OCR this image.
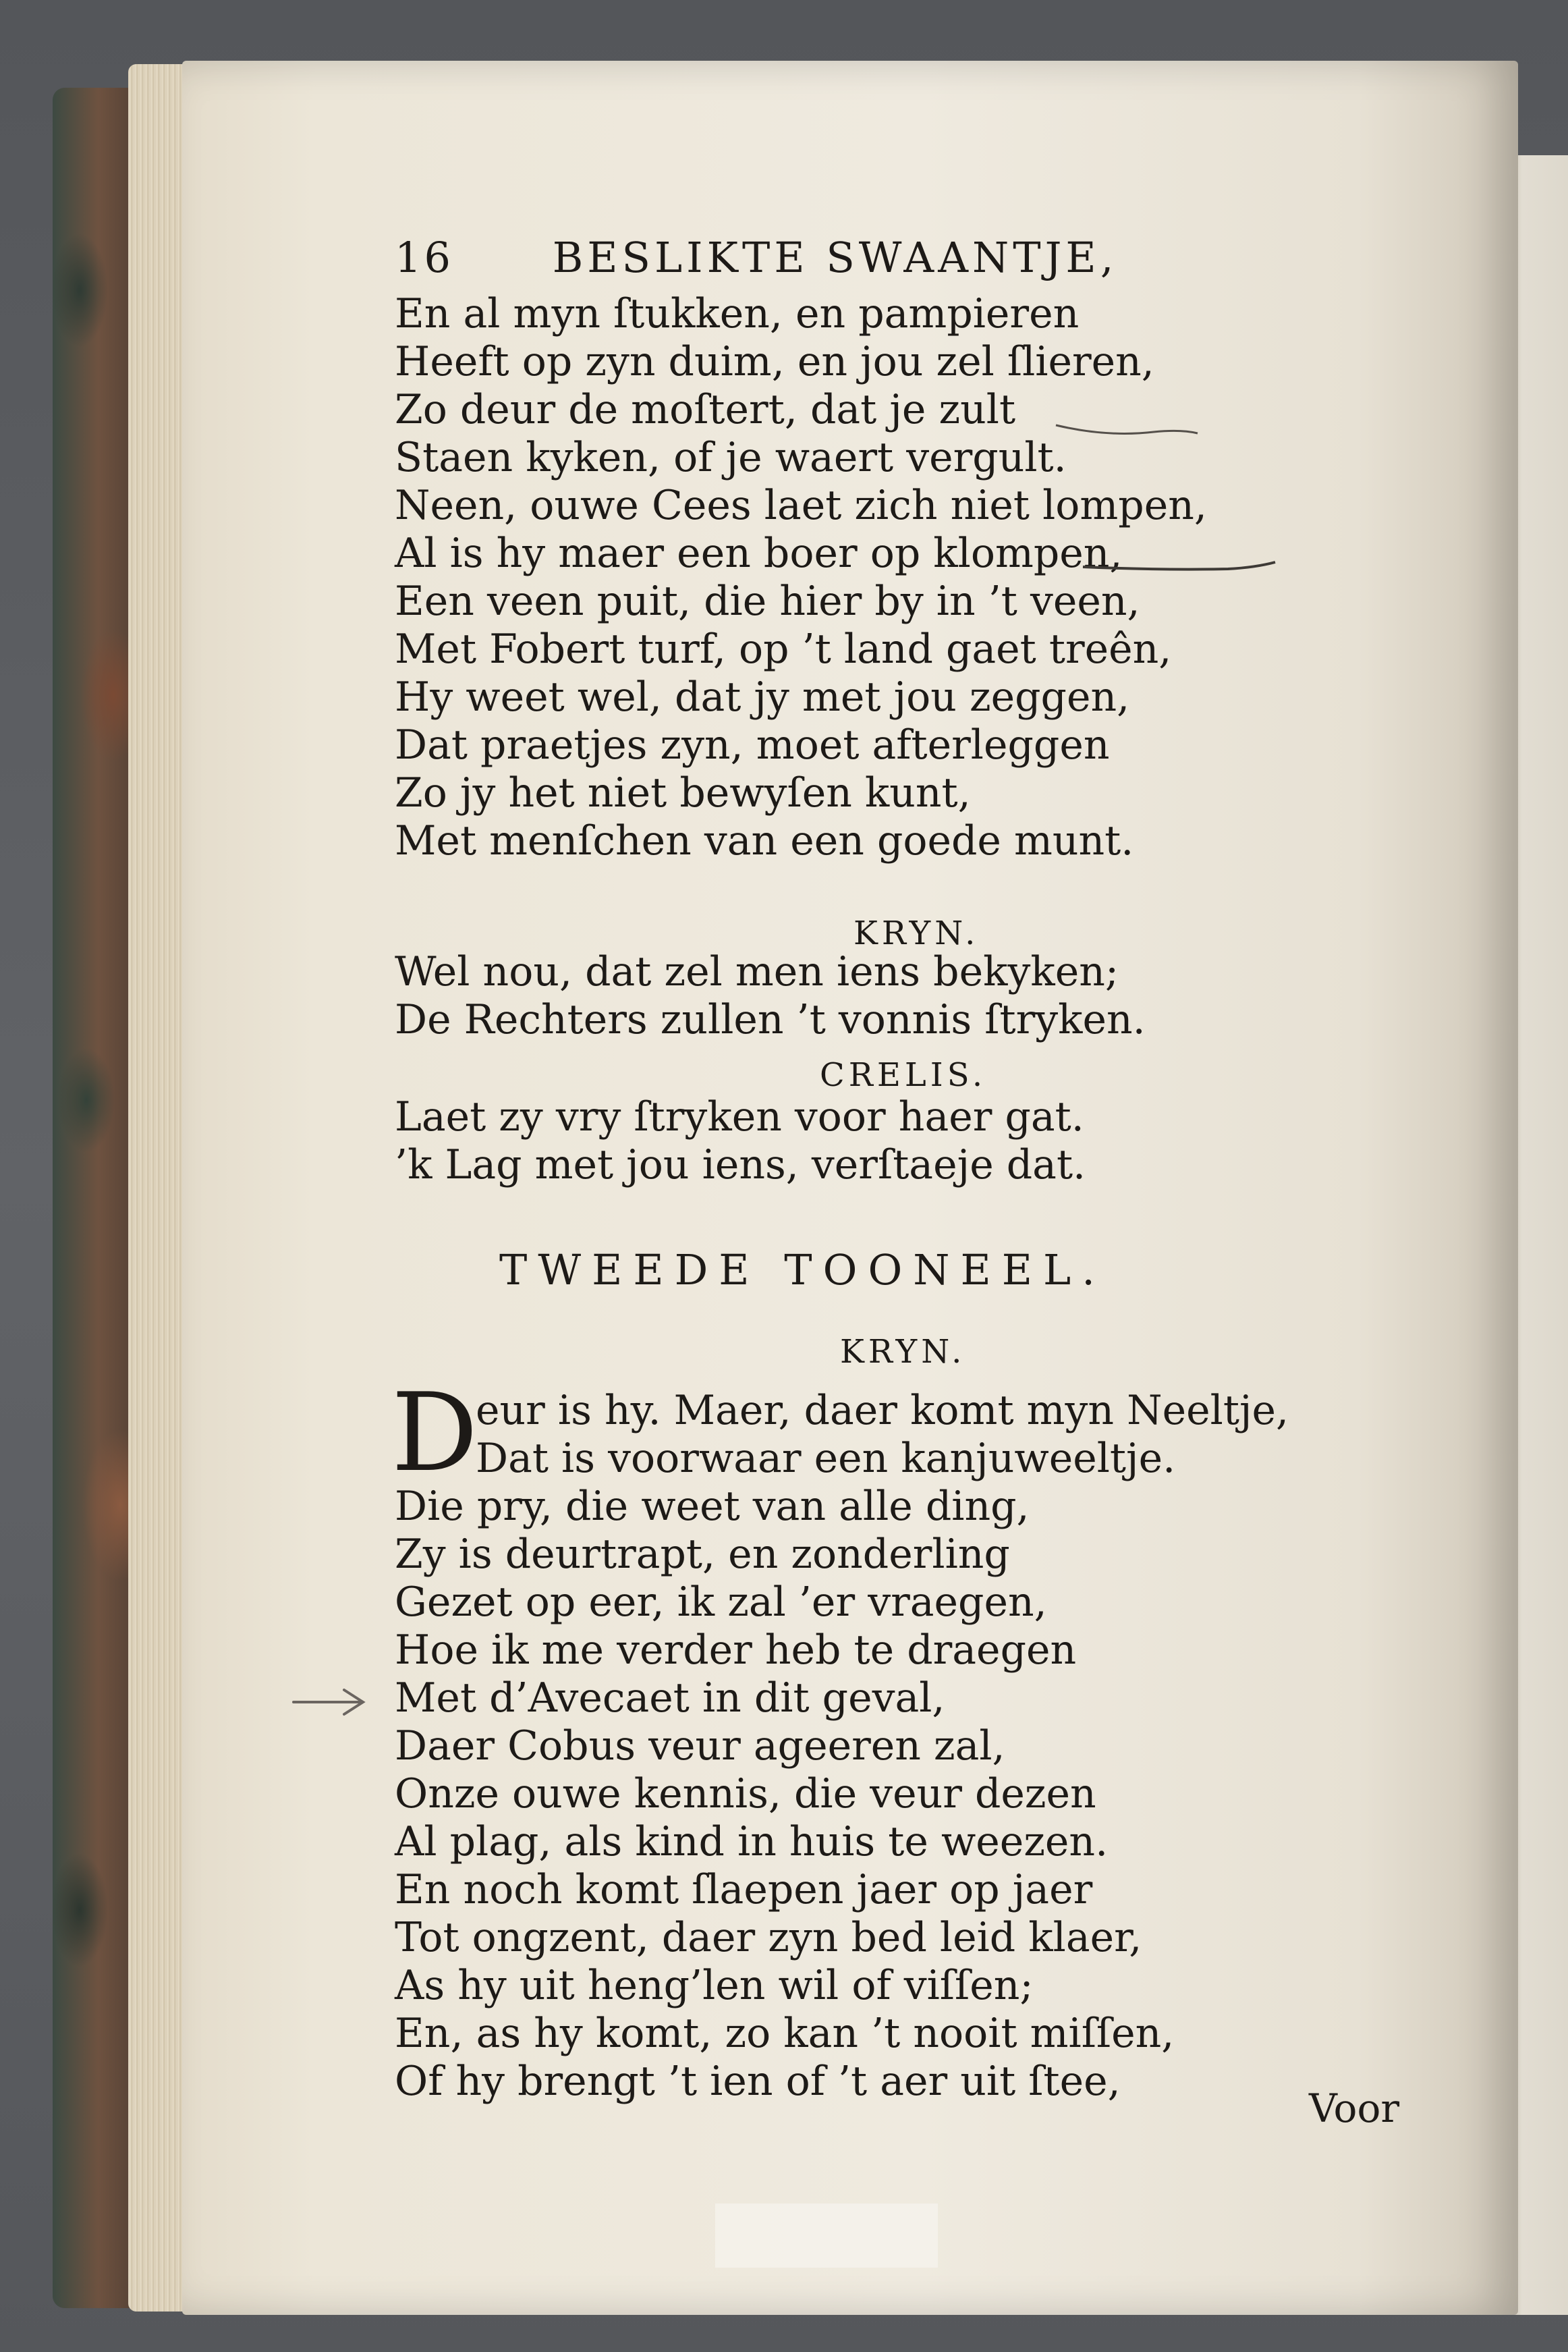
16 BESLIKTE SWAANTJE,
En al myn ſtukken, en pampieren
Heeft op zyn duim, en jou zel ſlieren,
Zo deur de moſtert, dat je zult
Staen kyken, of je waert vergult.
Neen, ouwe Cees laet zich niet lompen,
Al is hy maer een boer op klompen,
Een veen puit, die hier by in ’t veen,
Met Fobert turf, op ’t land gaet treên,
Hy weet wel, dat jy met jou zeggen,
Dat praetjes zyn, moet afterleggen
Zo jy het niet bewyſen kunt,
Met menſchen van een goede munt.
KRYN.
Wel nou, dat zel men iens bekyken;
De Rechters zullen ’t vonnis ſtryken.
CRELIS.
Laet zy vry ſtryken voor haer gat.
’k Lag met jou iens, verſtaeje dat.
TWEEDE TOONEEL.
KRYN.
D
eur is hy. Maer, daer komt myn Neeltje,
Dat is voorwaar een kanjuweeltje.
Die pry, die weet van alle ding,
Zy is deurtrapt, en zonderling
Gezet op eer, ik zal ’er vraegen,
Hoe ik me verder heb te draegen
Met d’Avecaet in dit geval,
Daer Cobus veur ageeren zal,
Onze ouwe kennis, die veur dezen
Al plag, als kind in huis te weezen.
En noch komt ſlaepen jaer op jaer
Tot ongzent, daer zyn bed leid klaer,
As hy uit heng’len wil of viſſen;
En, as hy komt, zo kan ’t nooit miſſen,
Of hy brengt ’t ien of ’t aer uit ſtee,
Voor
